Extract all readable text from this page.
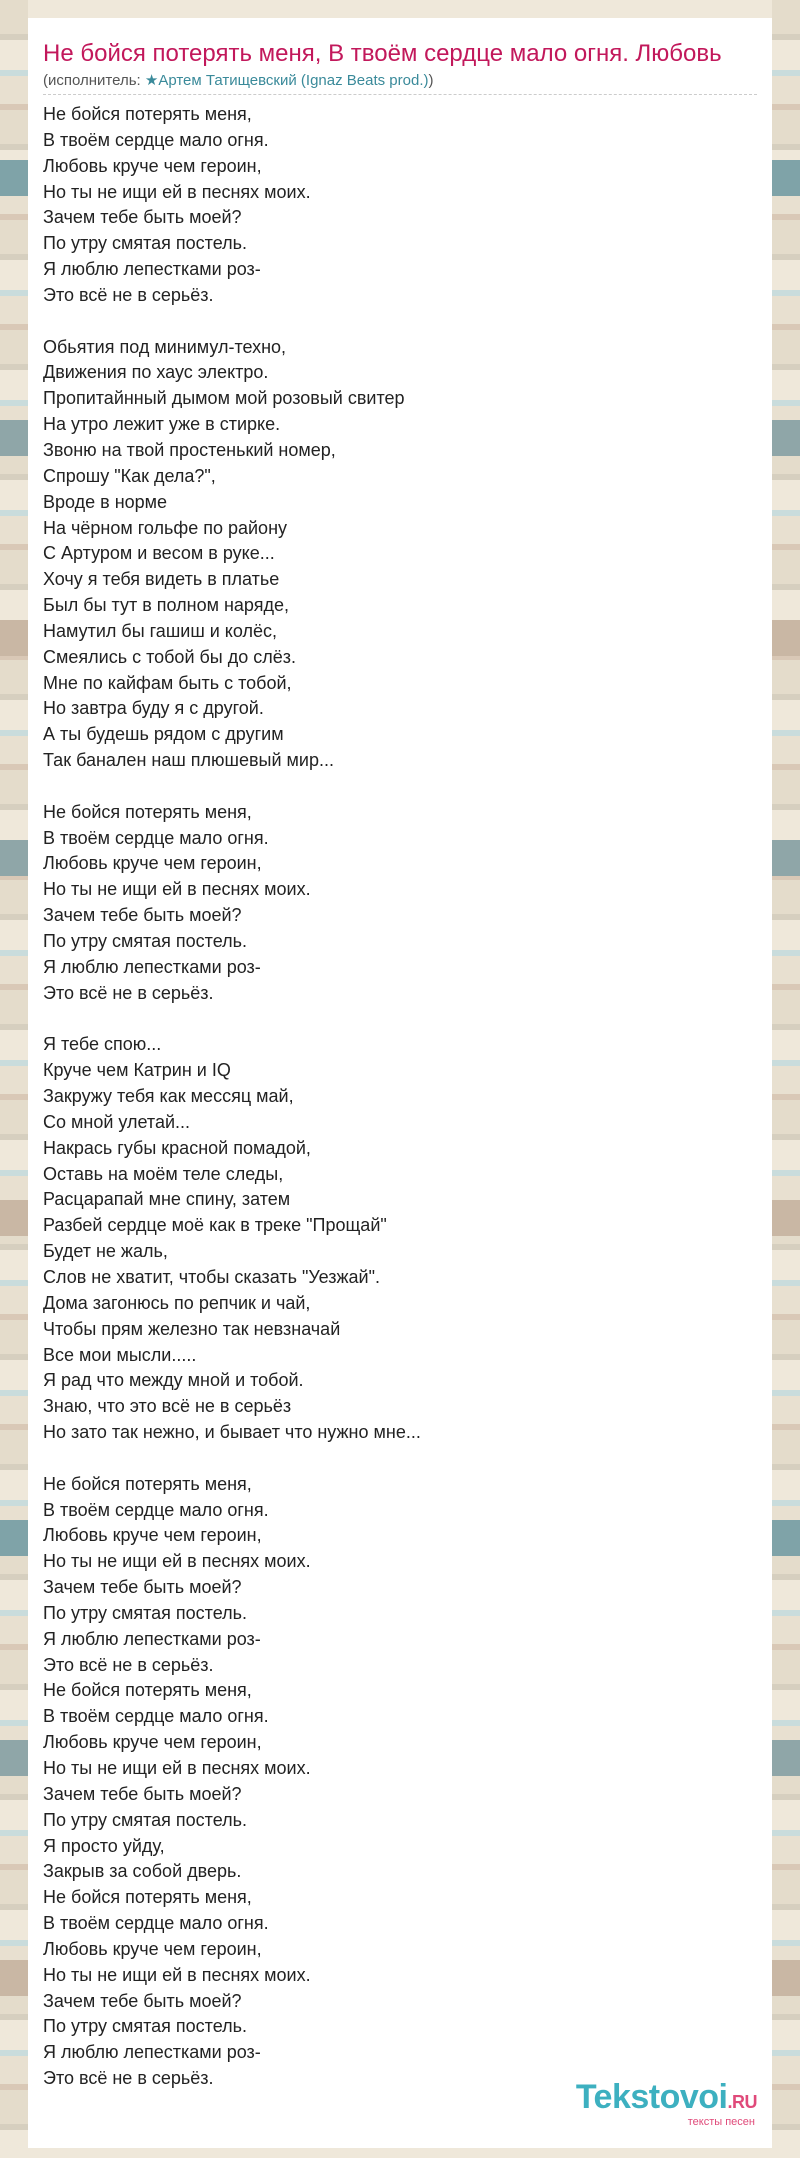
Не бойся потерять меня, В твоём сердце мало огня. Любовь
(исполнитель: ★Артем Татищевский (Ignaz Beats prod.))
Не бойся потерять меня,
В твоём сердце мало огня.
Любовь круче чем героин,
Но ты не ищи ей в песнях моих.
Зачем тебе быть моей?
По утру смятая постель.
Я люблю лепестками роз-
Это всё не в серьёз.
Обьятия под минимул-техно,
Движения по хаус электро.
Пропитайнный дымом мой розовый свитер
На утро лежит уже в стирке.
Звоню на твой простенький номер,
Спрошу "Как дела?",
Вроде в норме
На чёрном гольфе по району
С Артуром и весом в руке...
Хочу я тебя видеть в платье
Был бы тут в полном наряде,
Намутил бы гашиш и колёс,
Смеялись с тобой бы до слёз.
Мне по кайфам быть с тобой,
Но завтра буду я с другой.
А ты будешь рядом с другим
Так банален наш плюшевый мир...
Не бойся потерять меня,
В твоём сердце мало огня.
Любовь круче чем героин,
Но ты не ищи ей в песнях моих.
Зачем тебе быть моей?
По утру смятая постель.
Я люблю лепестками роз-
Это всё не в серьёз.
Я тебе спою...
Круче чем Катрин и IQ
Закружу тебя как мессяц май,
Со мной улетай...
Накрась губы красной помадой,
Оставь на моём теле следы,
Расцарапай мне спину, затем
Разбей сердце моё как в треке "Прощай"
Будет не жаль,
Слов не хватит, чтобы сказать "Уезжай".
Дома загонюсь по репчик и чай,
Чтобы прям железно так невзначай
Все мои мысли.....
Я рад что между мной и тобой.
Знаю, что это всё не в серьёз
Но зато так нежно, и бывает что нужно мне...
Не бойся потерять меня,
В твоём сердце мало огня.
Любовь круче чем героин,
Но ты не ищи ей в песнях моих.
Зачем тебе быть моей?
По утру смятая постель.
Я люблю лепестками роз-
Это всё не в серьёз.
Не бойся потерять меня,
В твоём сердце мало огня.
Любовь круче чем героин,
Но ты не ищи ей в песнях моих.
Зачем тебе быть моей?
По утру смятая постель.
Я просто уйду,
Закрыв за собой дверь.
Не бойся потерять меня,
В твоём сердце мало огня.
Любовь круче чем героин,
Но ты не ищи ей в песнях моих.
Зачем тебе быть моей?
По утру смятая постель.
Я люблю лепестками роз-
Это всё не в серьёз.	Tekstovoi.RU
тексты песен
